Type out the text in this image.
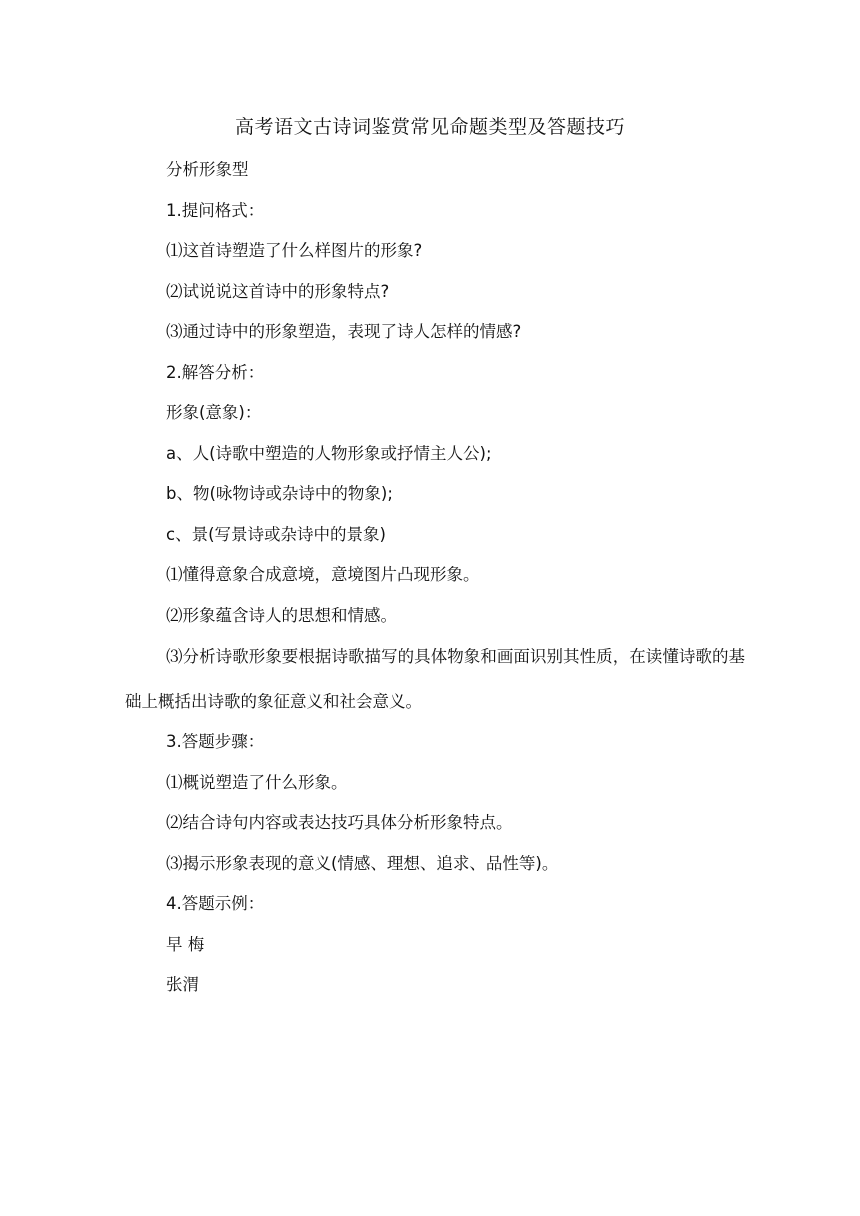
高考语文古诗词鉴赏常见命题类型及答题技巧

分析形象型

1.提问格式：

⑴这首诗塑造了什么样图片的形象?

⑵试说说这首诗中的形象特点?

⑶通过诗中的形象塑造，表现了诗人怎样的情感?

2.解答分析：

形象(意象)：

a、人(诗歌中塑造的人物形象或抒情主人公);

b、物(咏物诗或杂诗中的物象);

c、景(写景诗或杂诗中的景象)

⑴懂得意象合成意境，意境图片凸现形象。

⑵形象蕴含诗人的思想和情感。

⑶分析诗歌形象要根据诗歌描写的具体物象和画面识别其性质，在读懂诗歌的基础上概括出诗歌的象征意义和社会意义。

3.答题步骤：

⑴概说塑造了什么形象。

⑵结合诗句内容或表达技巧具体分析形象特点。

⑶揭示形象表现的意义(情感、理想、追求、品性等)。

4.答题示例：

早 梅

张渭
